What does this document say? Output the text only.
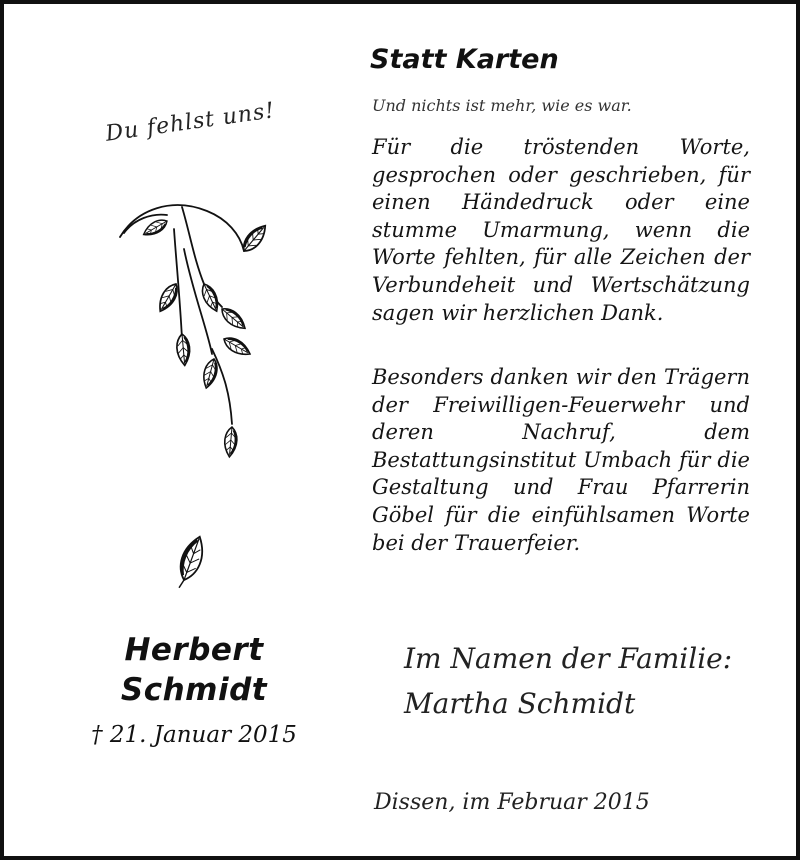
Du fehlst uns!
Herbert
Schmidt
† 21. Januar 2015
Statt Karten
Und nichts ist mehr, wie es war.
Für die tröstenden Worte, gesprochen oder geschrieben, für einen Händedruck oder eine stumme Umarmung, wenn die Worte fehlten, für alle Zeichen der Verbundeheit und Wertschätzung sagen wir herzlichen Dank.
Besonders danken wir den Trägern der Freiwilligen-Feuerwehr und deren Nachruf, dem Bestattungsinstitut Umbach für die Gestaltung und Frau Pfarrerin Göbel für die einfühlsamen Worte bei der Trauerfeier.
Im Namen der Familie:
Martha Schmidt
Dissen, im Februar 2015
